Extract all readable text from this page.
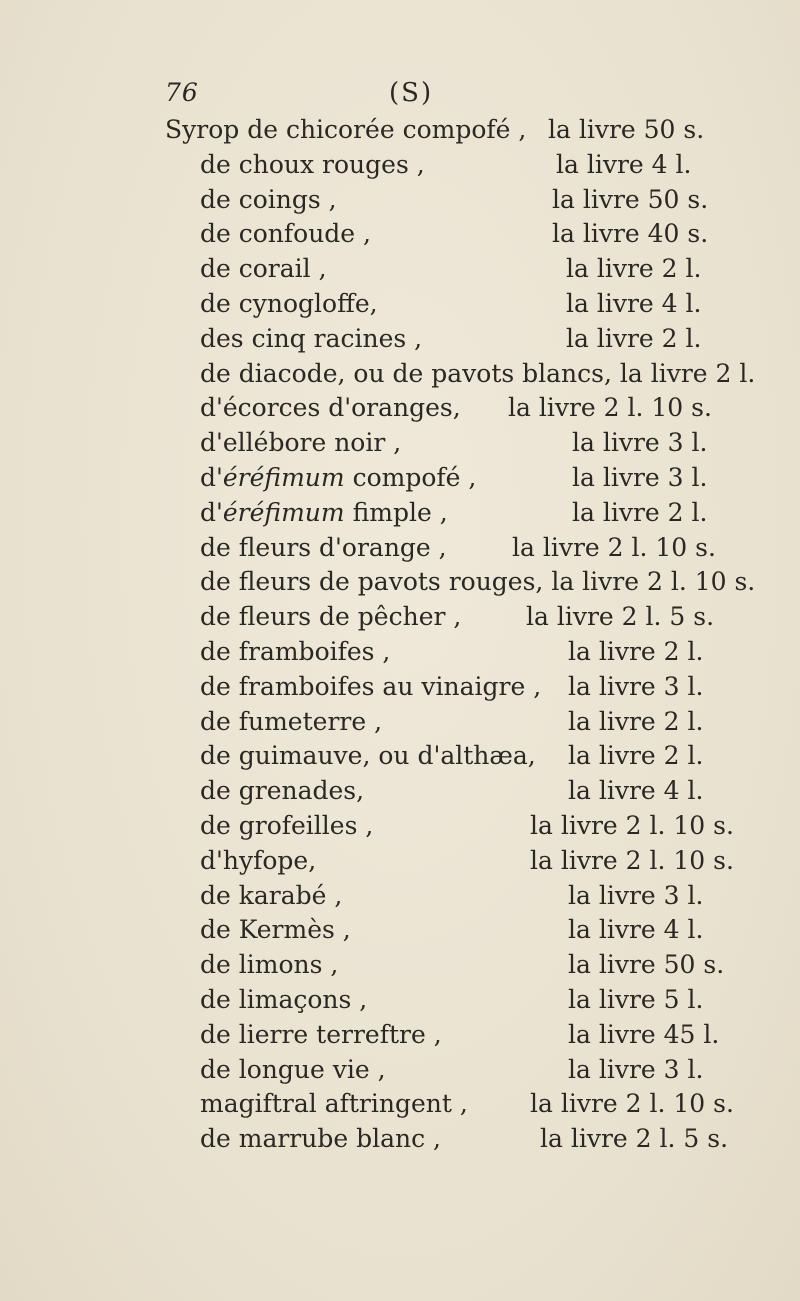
76	(S)
Syrop de chicorée compofé , la livre 50 s.
de choux rouges ,	la livre 4 l.
de coings ,	la livre 50 s.
de confoude ,	la livre 40 s.
de corail ,	la livre 2 l.
de cynogloffe,	la livre 4 l.
des cinq racines ,	la livre 2 l.
de diacode, ou de pavots blancs, la livre 2 l.
d'écorces d'oranges, la livre 2 l. 10 s.
d'ellébore noir ,	la livre 3 l.
d'éréfimum compofé ,	la livre 3 l.
d'éréfimum fimple ,	la livre 2 l.
de fleurs d'orange ,	la livre 2 l. 10 s.
de fleurs de pavots rouges, la livre 2 l. 10 s.
de fleurs de pêcher ,	la livre 2 l. 5 s.
de framboifes ,	la livre 2 l.
de framboifes au vinaigre , la livre 3 l.
de fumeterre ,	la livre 2 l.
de guimauve, ou d'althæa, la livre 2 l.
de grenades,	la livre 4 l.
de grofeilles ,	la livre 2 l. 10 s.
d'hyfope,	la livre 2 l. 10 s.
de karabé ,	la livre 3 l.
de Kermès ,	la livre 4 l.
de limons ,	la livre 50 s.
de limaçons ,	la livre 5 l.
de lierre terreftre ,	la livre 45 l.
de longue vie ,	la livre 3 l.
magiftral aftringent , la livre 2 l. 10 s.
de marrube blanc ,	la livre 2 l. 5 s.
